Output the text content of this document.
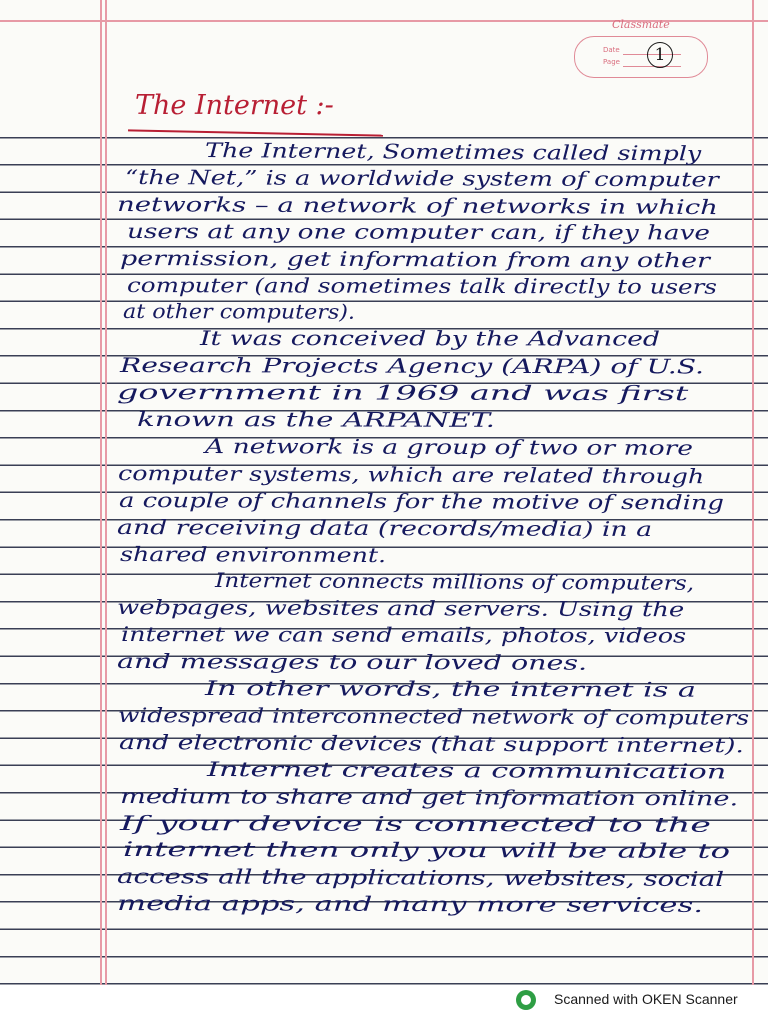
Classmate
Date
Page	1
The Internet :-
The Internet, Sometimes called simply
“the Net,” is a worldwide system of computer
networks – a network of networks in which
users at any one computer can, if they have
permission, get information from any other
computer (and sometimes talk directly to users
at other computers).
It was conceived by the Advanced
Research Projects Agency (ARPA) of U.S.
government in 1969 and was first
known as the ARPANET.
A network is a group of two or more
computer systems, which are related through
a couple of channels for the motive of sending
and receiving data (records/media) in a
shared environment.
Internet connects millions of computers,
webpages, websites and servers. Using the
internet we can send emails, photos, videos
and messages to our loved ones.
In other words, the internet is a
widespread interconnected network of computers
and electronic devices (that support internet).
Internet creates a communication
medium to share and get information online.
If your device is connected to the
internet then only you will be able to
access all the applications, websites, social
media apps, and many more services.
Scanned with OKEN Scanner
